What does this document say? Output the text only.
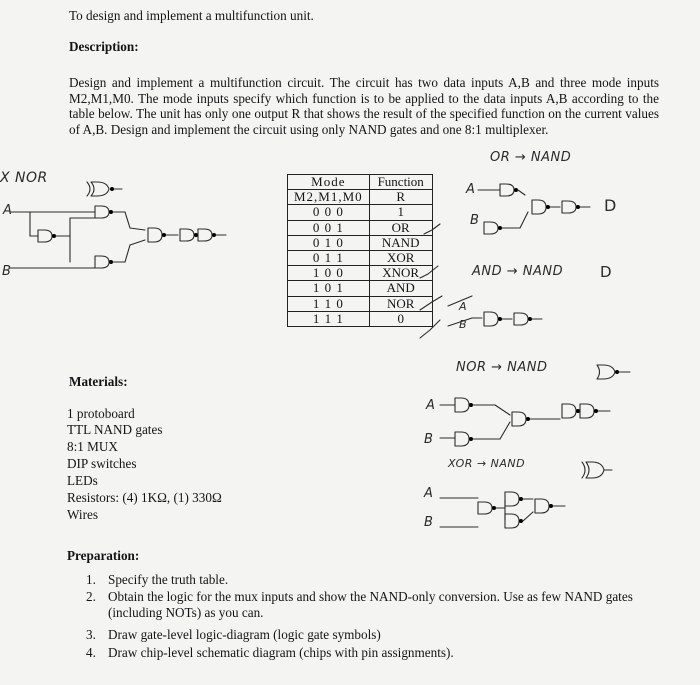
To design and implement a multifunction unit.
Description:
Design and implement a multifunction circuit. The circuit has two data inputs A,B and three mode inputs M2,M1,M0. The mode inputs specify which function is to be applied to the data inputs A,B according to the table below. The unit has only one output R that shows the result of the specified function on the current values of A,B. Design and implement the circuit using only NAND gates and one 8:1 multiplexer.
Mode	Function
M2,M1,M0	R
0 0 0	1
0 0 1	OR
0 1 0	NAND
0 1 1	XOR
1 0 0	XNOR
1 0 1	AND
1 1 0	NOR
1 1 1	0
Materials:
1 protoboard
TTL NAND gates
8:1 MUX
DIP switches
LEDs
Resistors: (4) 1KΩ, (1) 330Ω
Wires
Preparation:
1. Specify the truth table.
2. Obtain the logic for the mux inputs and show the NAND-only conversion. Use as few NAND gates (including NOTs) as you can.
3. Draw gate-level logic-diagram (logic gate symbols)
4. Draw chip-level schematic diagram (chips with pin assignments).
X NOR
OR → NAND
AND → NAND
NOR → NAND
XOR → NAND
A
B
A
B
A
B
A
B
A
B
D
D
